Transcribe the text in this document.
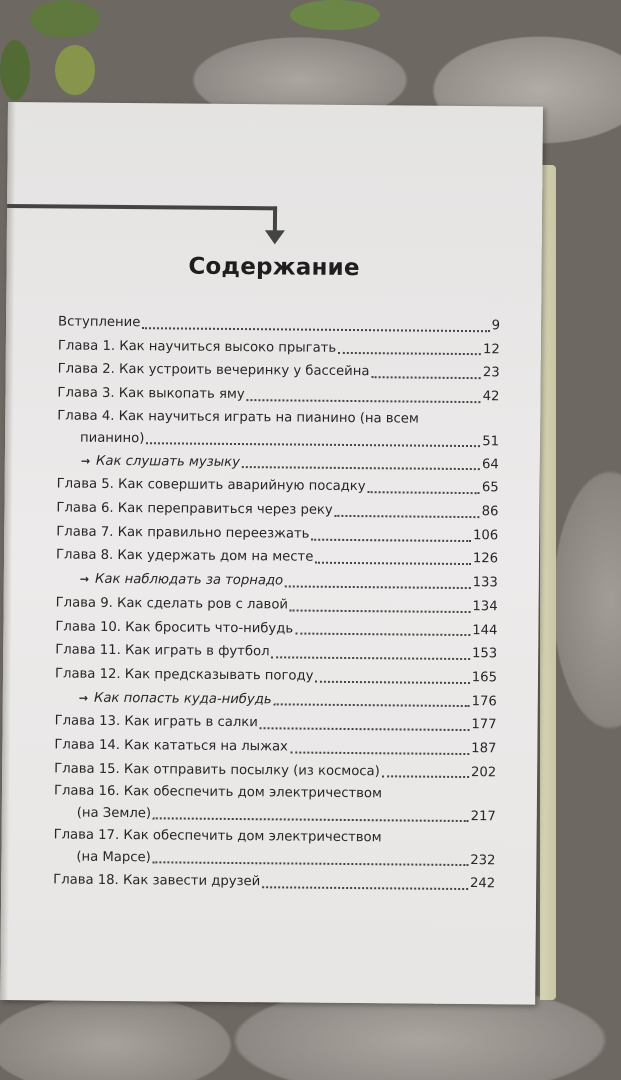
Содержание
Вступление	9
Глава 1. Как научиться высоко прыгать	12
Глава 2. Как устроить вечеринку у бассейна	23
Глава 3. Как выкопать яму	42
Глава 4. Как научиться играть на пианино (на всем
пианино)	51
→ Как слушать музыку	64
Глава 5. Как совершить аварийную посадку	65
Глава 6. Как переправиться через реку	86
Глава 7. Как правильно переезжать	106
Глава 8. Как удержать дом на месте	126
→ Как наблюдать за торнадо	133
Глава 9. Как сделать ров с лавой	134
Глава 10. Как бросить что-нибудь	144
Глава 11. Как играть в футбол	153
Глава 12. Как предсказывать погоду	165
→ Как попасть куда-нибудь	176
Глава 13. Как играть в салки	177
Глава 14. Как кататься на лыжах	187
Глава 15. Как отправить посылку (из космоса)	202
Глава 16. Как обеспечить дом электричеством
(на Земле)	217
Глава 17. Как обеспечить дом электричеством
(на Марсе)	232
Глава 18. Как завести друзей	242
